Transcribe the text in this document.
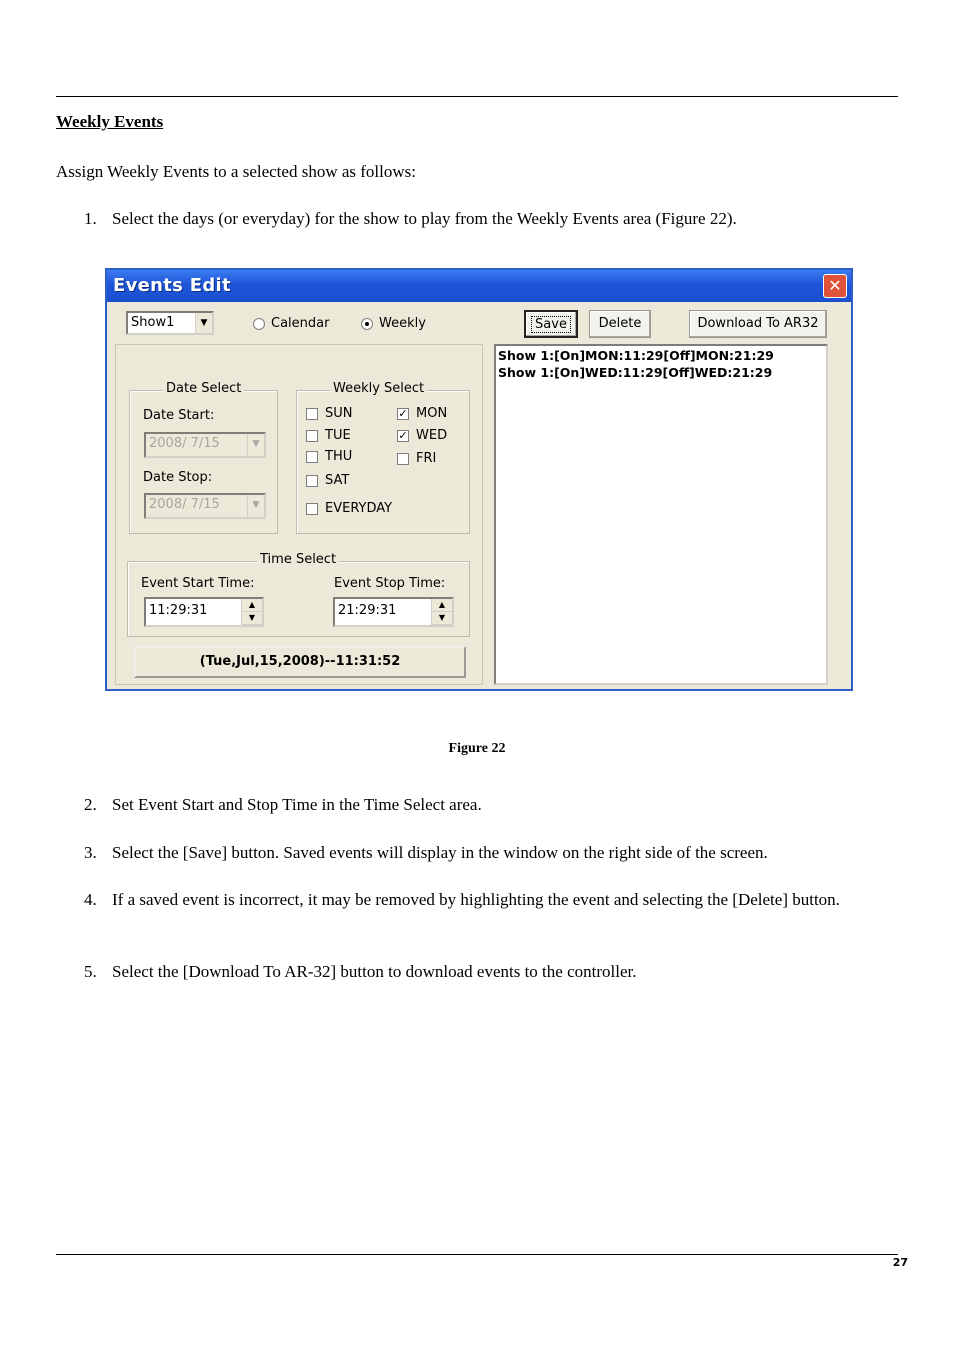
Weekly Events
Assign Weekly Events to a selected show as follows:
1. Select the days (or everyday) for the show to play from the Weekly Events area (Figure 22).
Events Edit	✕
Show1	▼	Calendar	Weekly	Save	Delete	Download To AR32
Show 1:[On]MON:11:29[Off]MON:21:29
Show 1:[On]WED:11:29[Off]WED:21:29
Date Select
Date Start:
2008/ 7/15	▼
Date Stop:
2008/ 7/15	▼
Weekly Select
SUN	✓ MON
TUE	✓ WED
THU	FRI
SAT
EVERYDAY
Time Select
Event Start Time:
11:29:31	▲
▼
Event Stop Time:
21:29:31	▲
▼
(Tue,Jul,15,2008)--11:31:52
Figure 22
2. Set Event Start and Stop Time in the Time Select area.
3. Select the [Save] button. Saved events will display in the window on the right side of the screen.
4. If a saved event is incorrect, it may be removed by highlighting the event and selecting the [Delete] button.
5. Select the [Download To AR-32] button to download events to the controller.
27
